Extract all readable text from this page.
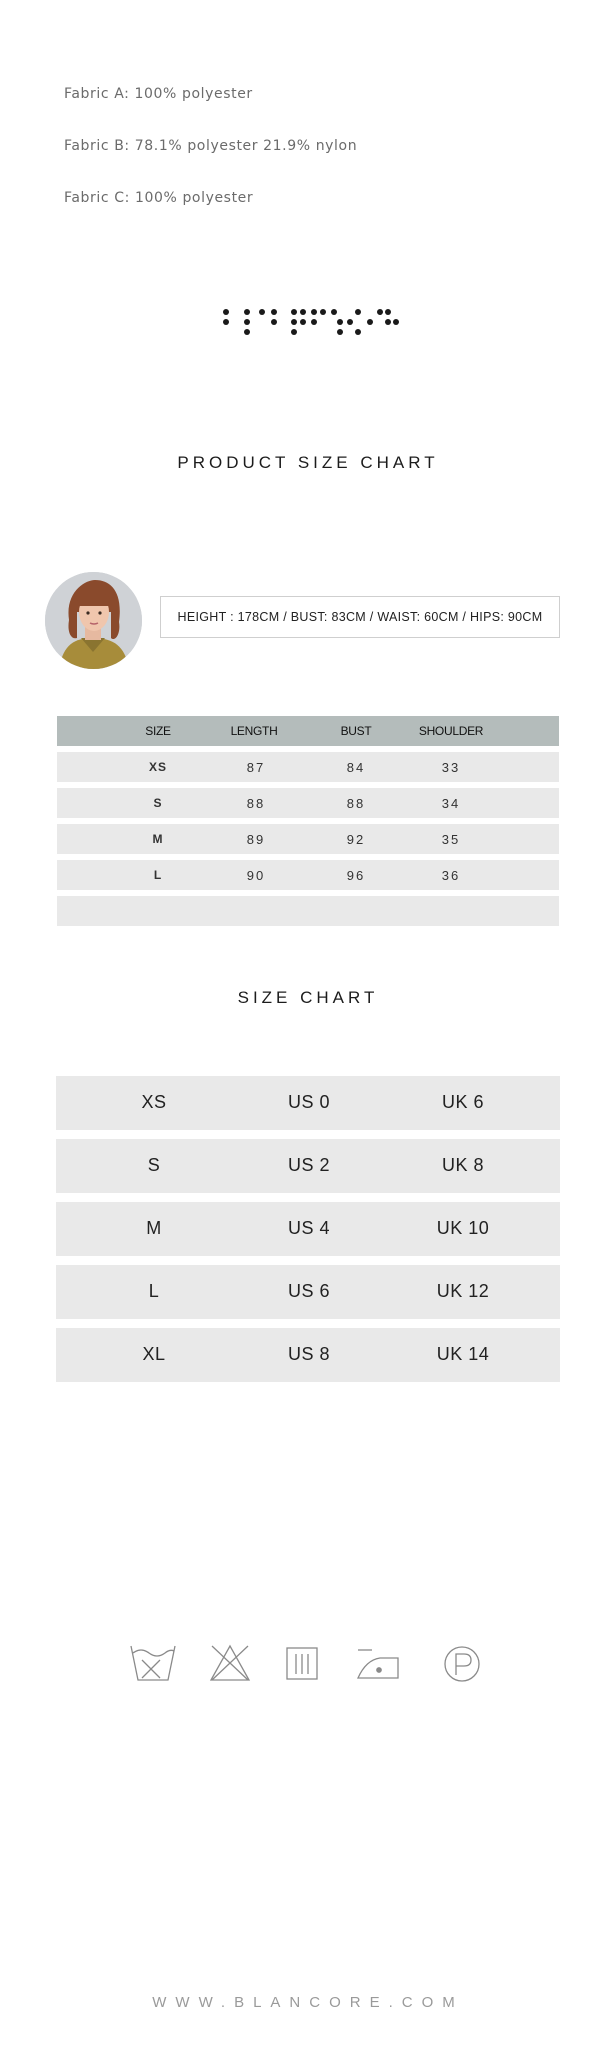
Fabric A: 100% polyester
Fabric B: 78.1% polyester 21.9% nylon
Fabric C: 100% polyester
PRODUCT SIZE CHART
HEIGHT : 178CM / BUST: 83CM / WAIST: 60CM / HIPS: 90CM
SIZE	LENGTH	BUST	SHOULDER
XS	87	84	33
S	88	88	34
M	89	92	35
L	90	96	36
SIZE CHART
XS	US 0	UK 6
S	US 2	UK 8
M	US 4	UK 10
L	US 6	UK 12
XL	US 8	UK 14
WWW.BLANCORE.COM
